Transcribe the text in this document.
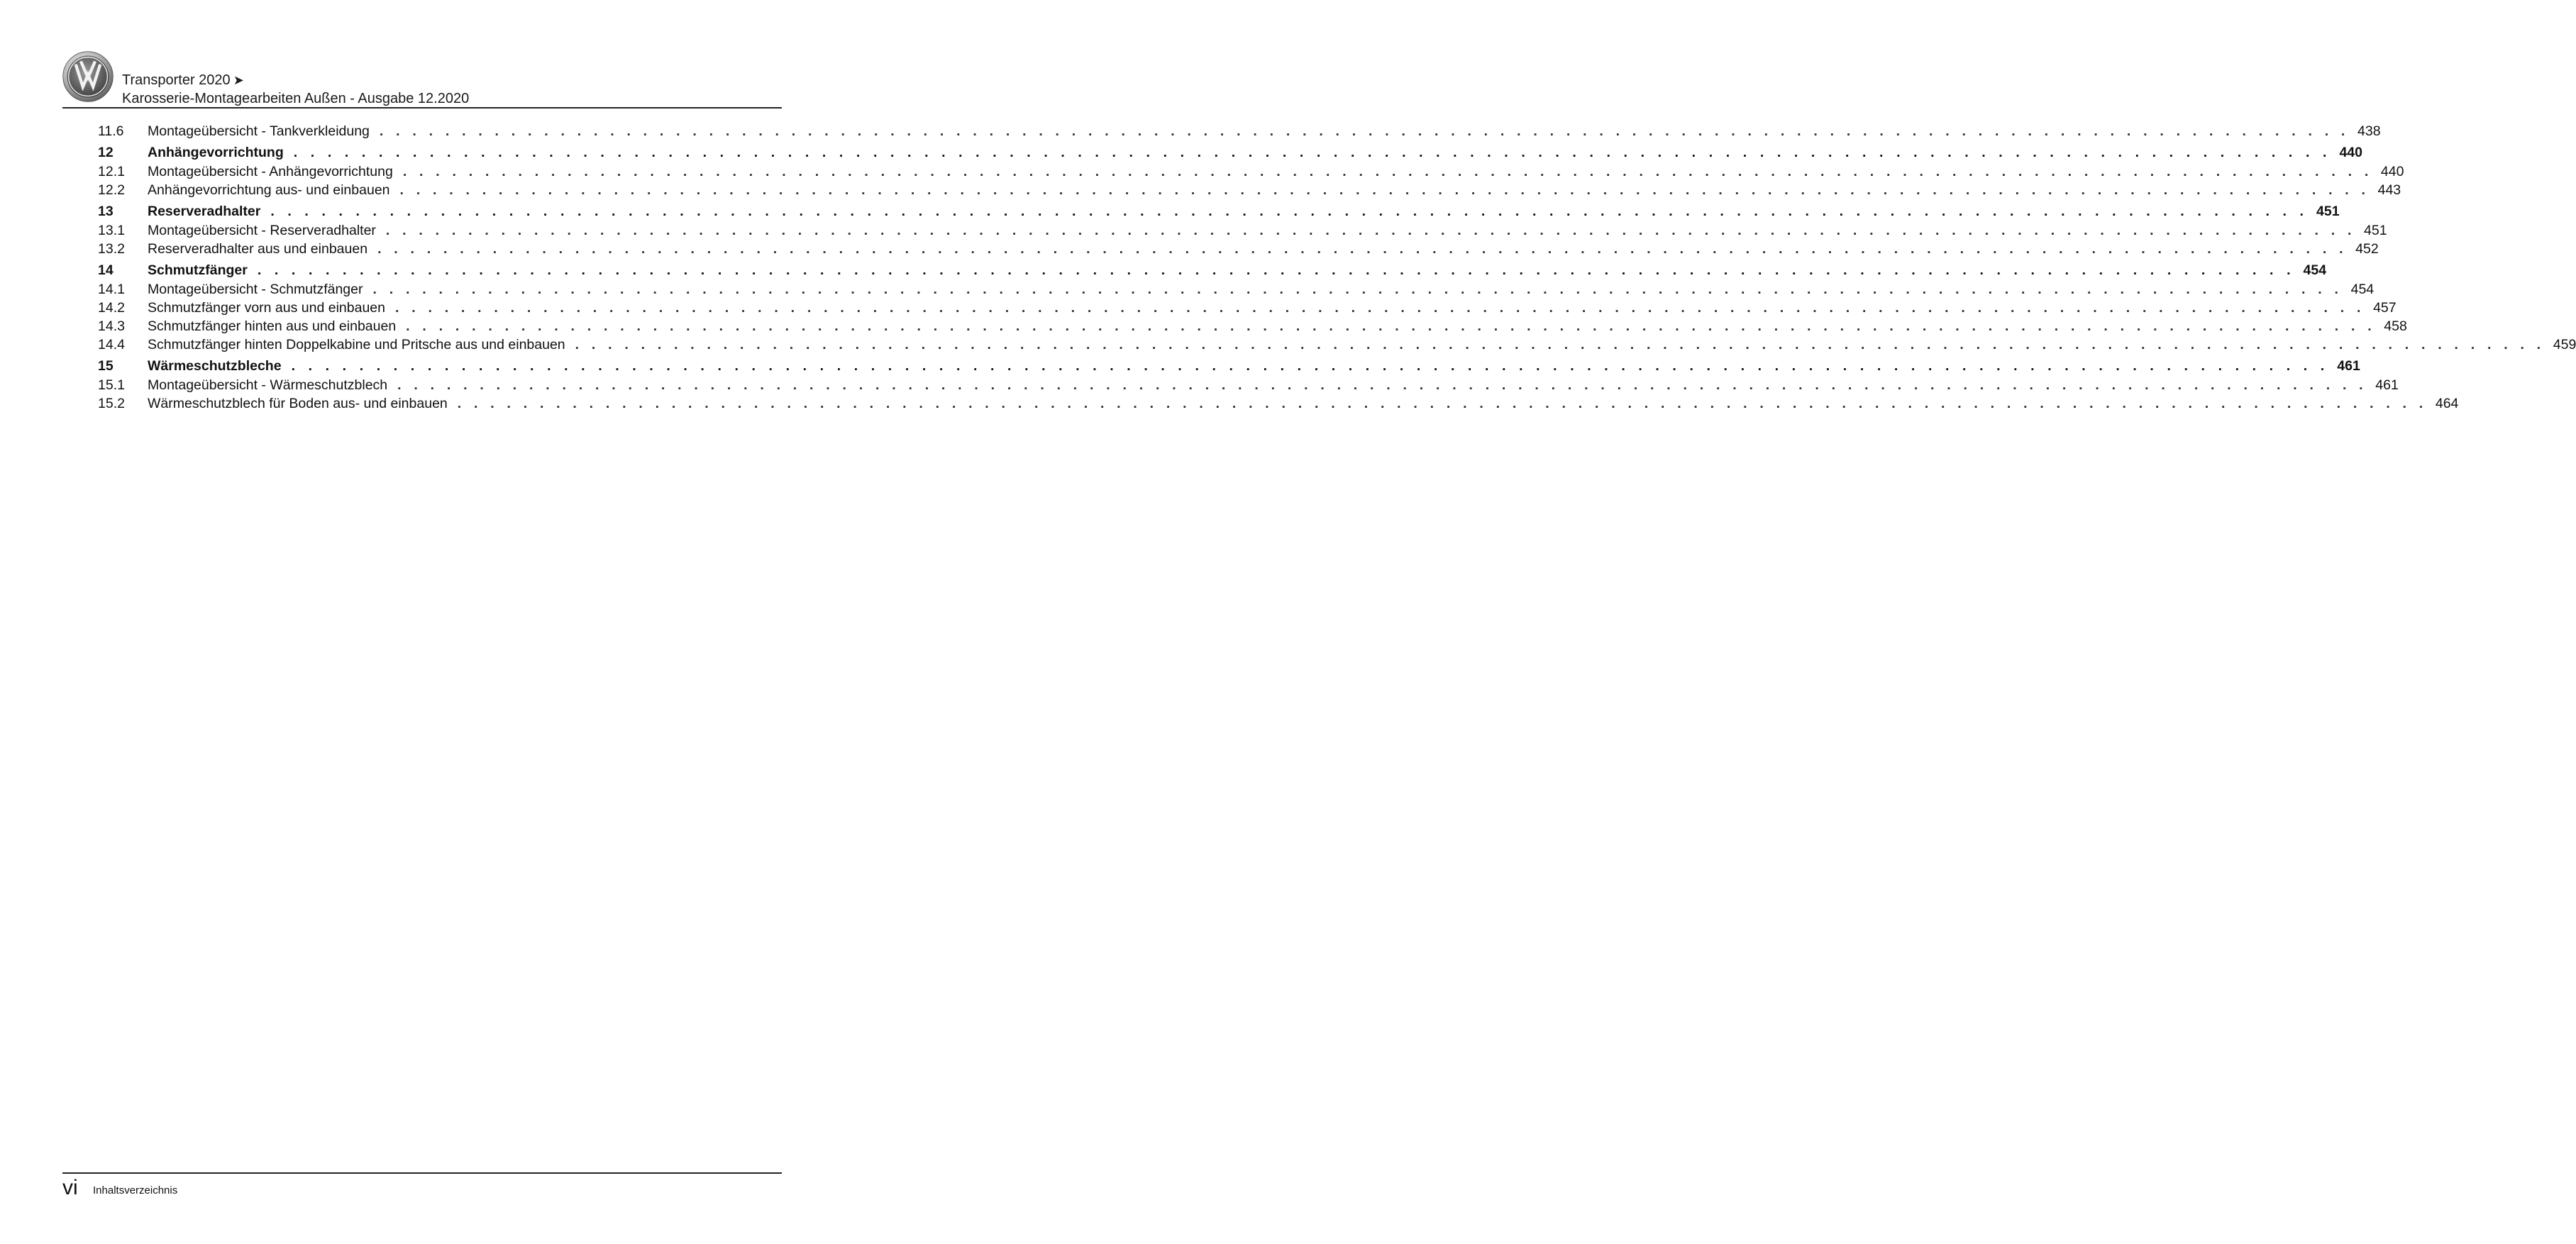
Transporter 2020 ➤
Karosserie-Montagearbeiten Außen - Ausgabe 12.2020
11.6	Montageübersicht - Tankverkleidung . . . . . . . . . . . . . . . . . . . . . . . . . . . . . . . . . . . . . . . . . . . . . . . . . . . . . . . . . . . . . . . . . . . . . . . . . . . . . . . . . . . . . . . . . . . . . . . . . . . . . . . . . . . . . . . . . . . . . . . . 438
12	Anhängevorrichtung . . . . . . . . . . . . . . . . . . . . . . . . . . . . . . . . . . . . . . . . . . . . . . . . . . . . . . . . . . . . . . . . . . . . . . . . . . . . . . . . . . . . . . . . . . . . . . . . . . . . . . . . . . . . . . . . . . . . . . . . 440
12.1	Montageübersicht - Anhängevorrichtung . . . . . . . . . . . . . . . . . . . . . . . . . . . . . . . . . . . . . . . . . . . . . . . . . . . . . . . . . . . . . . . . . . . . . . . . . . . . . . . . . . . . . . . . . . . . . . . . . . . . . . . . . . . . . . . . . . . . . . . . 440
12.2	Anhängevorrichtung aus- und einbauen . . . . . . . . . . . . . . . . . . . . . . . . . . . . . . . . . . . . . . . . . . . . . . . . . . . . . . . . . . . . . . . . . . . . . . . . . . . . . . . . . . . . . . . . . . . . . . . . . . . . . . . . . . . . . . . . . . . . . . . . 443
13	Reserveradhalter . . . . . . . . . . . . . . . . . . . . . . . . . . . . . . . . . . . . . . . . . . . . . . . . . . . . . . . . . . . . . . . . . . . . . . . . . . . . . . . . . . . . . . . . . . . . . . . . . . . . . . . . . . . . . . . . . . . . . . . . 451
13.1	Montageübersicht - Reserveradhalter . . . . . . . . . . . . . . . . . . . . . . . . . . . . . . . . . . . . . . . . . . . . . . . . . . . . . . . . . . . . . . . . . . . . . . . . . . . . . . . . . . . . . . . . . . . . . . . . . . . . . . . . . . . . . . . . . . . . . . . . 451
13.2	Reserveradhalter aus und einbauen . . . . . . . . . . . . . . . . . . . . . . . . . . . . . . . . . . . . . . . . . . . . . . . . . . . . . . . . . . . . . . . . . . . . . . . . . . . . . . . . . . . . . . . . . . . . . . . . . . . . . . . . . . . . . . . . . . . . . . . . 452
14	Schmutzfänger . . . . . . . . . . . . . . . . . . . . . . . . . . . . . . . . . . . . . . . . . . . . . . . . . . . . . . . . . . . . . . . . . . . . . . . . . . . . . . . . . . . . . . . . . . . . . . . . . . . . . . . . . . . . . . . . . . . . . . . . 454
14.1	Montageübersicht - Schmutzfänger . . . . . . . . . . . . . . . . . . . . . . . . . . . . . . . . . . . . . . . . . . . . . . . . . . . . . . . . . . . . . . . . . . . . . . . . . . . . . . . . . . . . . . . . . . . . . . . . . . . . . . . . . . . . . . . . . . . . . . . . 454
14.2	Schmutzfänger vorn aus und einbauen . . . . . . . . . . . . . . . . . . . . . . . . . . . . . . . . . . . . . . . . . . . . . . . . . . . . . . . . . . . . . . . . . . . . . . . . . . . . . . . . . . . . . . . . . . . . . . . . . . . . . . . . . . . . . . . . . . . . . . . . 457
14.3	Schmutzfänger hinten aus und einbauen . . . . . . . . . . . . . . . . . . . . . . . . . . . . . . . . . . . . . . . . . . . . . . . . . . . . . . . . . . . . . . . . . . . . . . . . . . . . . . . . . . . . . . . . . . . . . . . . . . . . . . . . . . . . . . . . . . . . . . . . 458
14.4	Schmutzfänger hinten Doppelkabine und Pritsche aus und einbauen . . . . . . . . . . . . . . . . . . . . . . . . . . . . . . . . . . . . . . . . . . . . . . . . . . . . . . . . . . . . . . . . . . . . . . . . . . . . . . . . . . . . . . . . . . . . . . . . . . . . . . . . . . . . . . . . . . . . . . . . 459
15	Wärmeschutzbleche . . . . . . . . . . . . . . . . . . . . . . . . . . . . . . . . . . . . . . . . . . . . . . . . . . . . . . . . . . . . . . . . . . . . . . . . . . . . . . . . . . . . . . . . . . . . . . . . . . . . . . . . . . . . . . . . . . . . . . . . 461
15.1	Montageübersicht - Wärmeschutzblech . . . . . . . . . . . . . . . . . . . . . . . . . . . . . . . . . . . . . . . . . . . . . . . . . . . . . . . . . . . . . . . . . . . . . . . . . . . . . . . . . . . . . . . . . . . . . . . . . . . . . . . . . . . . . . . . . . . . . . . . 461
15.2	Wärmeschutzblech für Boden aus- und einbauen . . . . . . . . . . . . . . . . . . . . . . . . . . . . . . . . . . . . . . . . . . . . . . . . . . . . . . . . . . . . . . . . . . . . . . . . . . . . . . . . . . . . . . . . . . . . . . . . . . . . . . . . . . . . . . . . . . . . . . . . 464
vi Inhaltsverzeichnis
